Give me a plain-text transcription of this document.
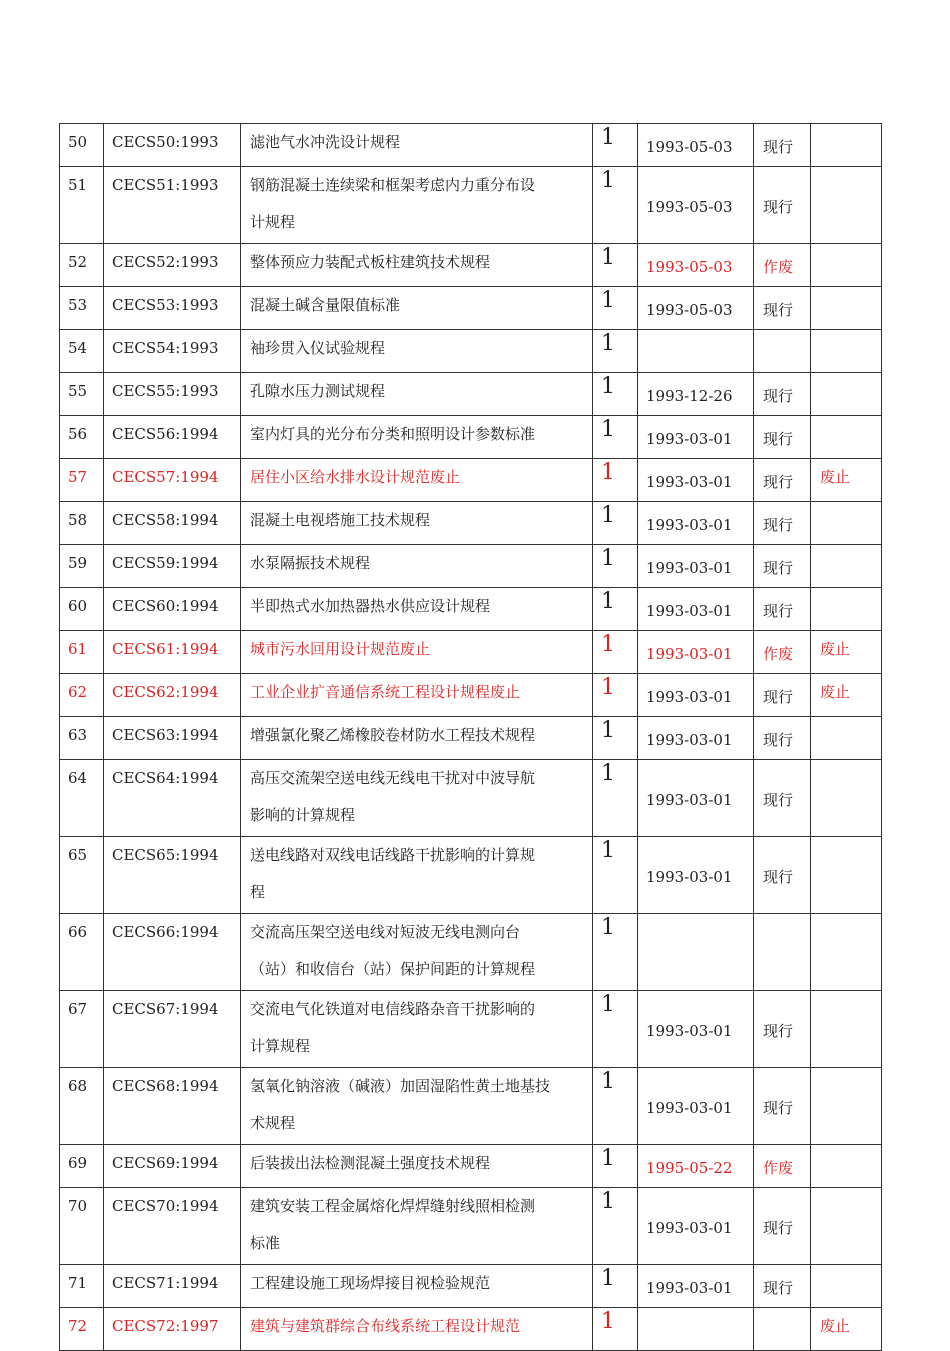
50	CECS50:1993	滤池气水冲洗设计规程	1	1993-05-03	现行	
51	CECS51:1993	钢筋混凝土连续梁和框架考虑内力重分布设
计规程	1	1993-05-03	现行	
52	CECS52:1993	整体预应力装配式板柱建筑技术规程	1	1993-05-03	作废	
53	CECS53:1993	混凝土碱含量限值标准	1	1993-05-03	现行	
54	CECS54:1993	袖珍贯入仪试验规程	1			
55	CECS55:1993	孔隙水压力测试规程	1	1993-12-26	现行	
56	CECS56:1994	室内灯具的光分布分类和照明设计参数标准	1	1993-03-01	现行	
57	CECS57:1994	居住小区给水排水设计规范废止	1	1993-03-01	现行	废止
58	CECS58:1994	混凝土电视塔施工技术规程	1	1993-03-01	现行	
59	CECS59:1994	水泵隔振技术规程	1	1993-03-01	现行	
60	CECS60:1994	半即热式水加热器热水供应设计规程	1	1993-03-01	现行	
61	CECS61:1994	城市污水回用设计规范废止	1	1993-03-01	作废	废止
62	CECS62:1994	工业企业扩音通信系统工程设计规程废止	1	1993-03-01	现行	废止
63	CECS63:1994	增强氯化聚乙烯橡胶卷材防水工程技术规程	1	1993-03-01	现行	
64	CECS64:1994	高压交流架空送电线无线电干扰对中波导航
影响的计算规程	1	1993-03-01	现行	
65	CECS65:1994	送电线路对双线电话线路干扰影响的计算规
程	1	1993-03-01	现行	
66	CECS66:1994	交流高压架空送电线对短波无线电测向台
（站）和收信台（站）保护间距的计算规程	1			
67	CECS67:1994	交流电气化铁道对电信线路杂音干扰影响的
计算规程	1	1993-03-01	现行	
68	CECS68:1994	氢氧化钠溶液（碱液）加固湿陷性黄土地基技
术规程	1	1993-03-01	现行	
69	CECS69:1994	后装拔出法检测混凝土强度技术规程	1	1995-05-22	作废	
70	CECS70:1994	建筑安装工程金属熔化焊焊缝射线照相检测
标准	1	1993-03-01	现行	
71	CECS71:1994	工程建设施工现场焊接目视检验规范	1	1993-03-01	现行	
72	CECS72:1997	建筑与建筑群综合布线系统工程设计规范	1			废止
